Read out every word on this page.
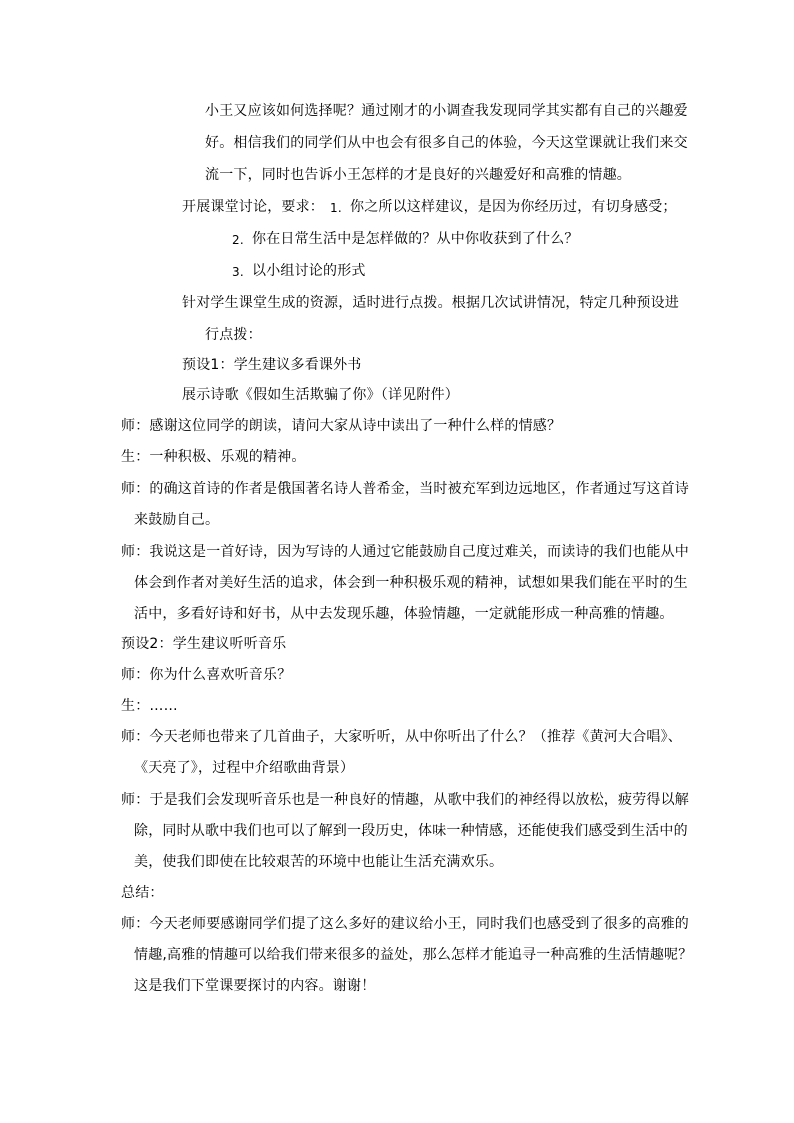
小王又应该如何选择呢？通过刚才的小调查我发现同学其实都有自己的兴趣爱
好。相信我们的同学们从中也会有很多自己的体验，今天这堂课就让我们来交
流一下，同时也告诉小王怎样的才是良好的兴趣爱好和高雅的情趣。
开展课堂讨论，要求： 1. 你之所以这样建议，是因为你经历过，有切身感受；
2. 你在日常生活中是怎样做的？从中你收获到了什么？
3. 以小组讨论的形式
针对学生课堂生成的资源，适时进行点拨。根据几次试讲情况，特定几种预设进
行点拨：
预设1：学生建议多看课外书
展示诗歌《假如生活欺骗了你》（详见附件）
师：感谢这位同学的朗读，请问大家从诗中读出了一种什么样的情感？
生：一种积极、乐观的精神。
师：的确这首诗的作者是俄国著名诗人普希金，当时被充军到边远地区，作者通过写这首诗
来鼓励自己。
师：我说这是一首好诗，因为写诗的人通过它能鼓励自己度过难关，而读诗的我们也能从中
体会到作者对美好生活的追求，体会到一种积极乐观的精神，试想如果我们能在平时的生
活中，多看好诗和好书，从中去发现乐趣，体验情趣，一定就能形成一种高雅的情趣。
预设2：学生建议听听音乐
师：你为什么喜欢听音乐？
生：……
师：今天老师也带来了几首曲子，大家听听，从中你听出了什么？（推荐《黄河大合唱》、
《天亮了》，过程中介绍歌曲背景）
师：于是我们会发现听音乐也是一种良好的情趣，从歌中我们的神经得以放松，疲劳得以解
除，同时从歌中我们也可以了解到一段历史，体味一种情感，还能使我们感受到生活中的
美，使我们即使在比较艰苦的环境中也能让生活充满欢乐。
总结：
师：今天老师要感谢同学们提了这么多好的建议给小王，同时我们也感受到了很多的高雅的
情趣,高雅的情趣可以给我们带来很多的益处，那么怎样才能追寻一种高雅的生活情趣呢？
这是我们下堂课要探讨的内容。谢谢！
